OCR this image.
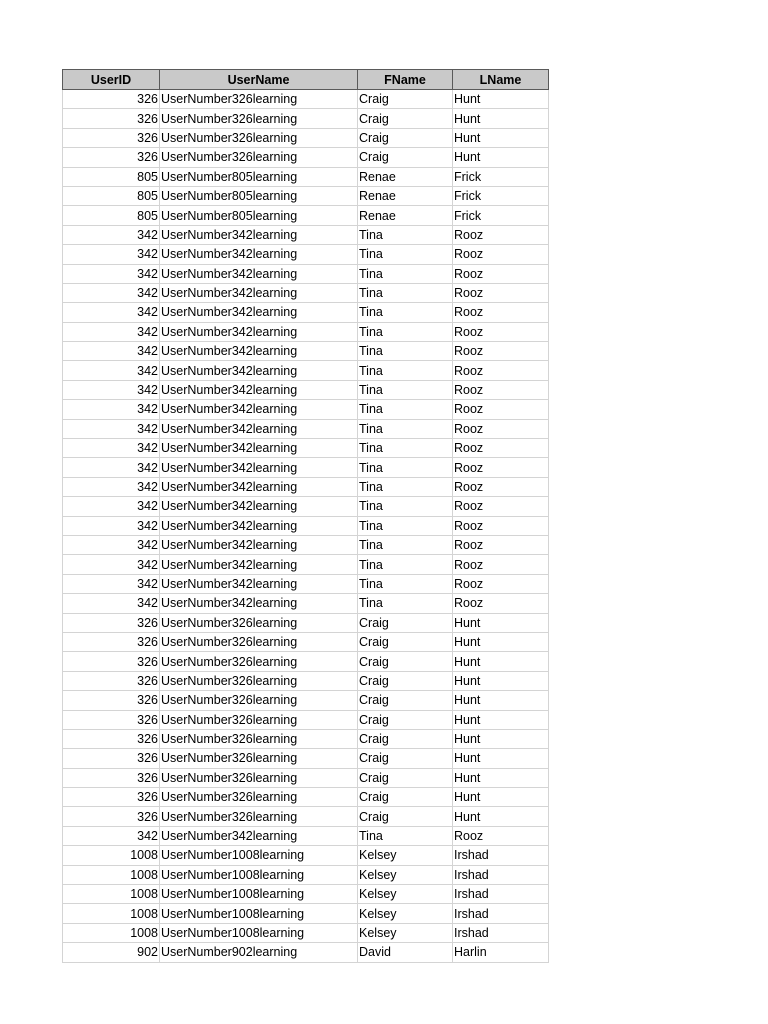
UserID	UserName	FName	LName
326	UserNumber326learning	Craig	Hunt
326	UserNumber326learning	Craig	Hunt
326	UserNumber326learning	Craig	Hunt
326	UserNumber326learning	Craig	Hunt
805	UserNumber805learning	Renae	Frick
805	UserNumber805learning	Renae	Frick
805	UserNumber805learning	Renae	Frick
342	UserNumber342learning	Tina	Rooz
342	UserNumber342learning	Tina	Rooz
342	UserNumber342learning	Tina	Rooz
342	UserNumber342learning	Tina	Rooz
342	UserNumber342learning	Tina	Rooz
342	UserNumber342learning	Tina	Rooz
342	UserNumber342learning	Tina	Rooz
342	UserNumber342learning	Tina	Rooz
342	UserNumber342learning	Tina	Rooz
342	UserNumber342learning	Tina	Rooz
342	UserNumber342learning	Tina	Rooz
342	UserNumber342learning	Tina	Rooz
342	UserNumber342learning	Tina	Rooz
342	UserNumber342learning	Tina	Rooz
342	UserNumber342learning	Tina	Rooz
342	UserNumber342learning	Tina	Rooz
342	UserNumber342learning	Tina	Rooz
342	UserNumber342learning	Tina	Rooz
342	UserNumber342learning	Tina	Rooz
342	UserNumber342learning	Tina	Rooz
326	UserNumber326learning	Craig	Hunt
326	UserNumber326learning	Craig	Hunt
326	UserNumber326learning	Craig	Hunt
326	UserNumber326learning	Craig	Hunt
326	UserNumber326learning	Craig	Hunt
326	UserNumber326learning	Craig	Hunt
326	UserNumber326learning	Craig	Hunt
326	UserNumber326learning	Craig	Hunt
326	UserNumber326learning	Craig	Hunt
326	UserNumber326learning	Craig	Hunt
326	UserNumber326learning	Craig	Hunt
342	UserNumber342learning	Tina	Rooz
1008	UserNumber1008learning	Kelsey	Irshad
1008	UserNumber1008learning	Kelsey	Irshad
1008	UserNumber1008learning	Kelsey	Irshad
1008	UserNumber1008learning	Kelsey	Irshad
1008	UserNumber1008learning	Kelsey	Irshad
902	UserNumber902learning	David	Harlin
